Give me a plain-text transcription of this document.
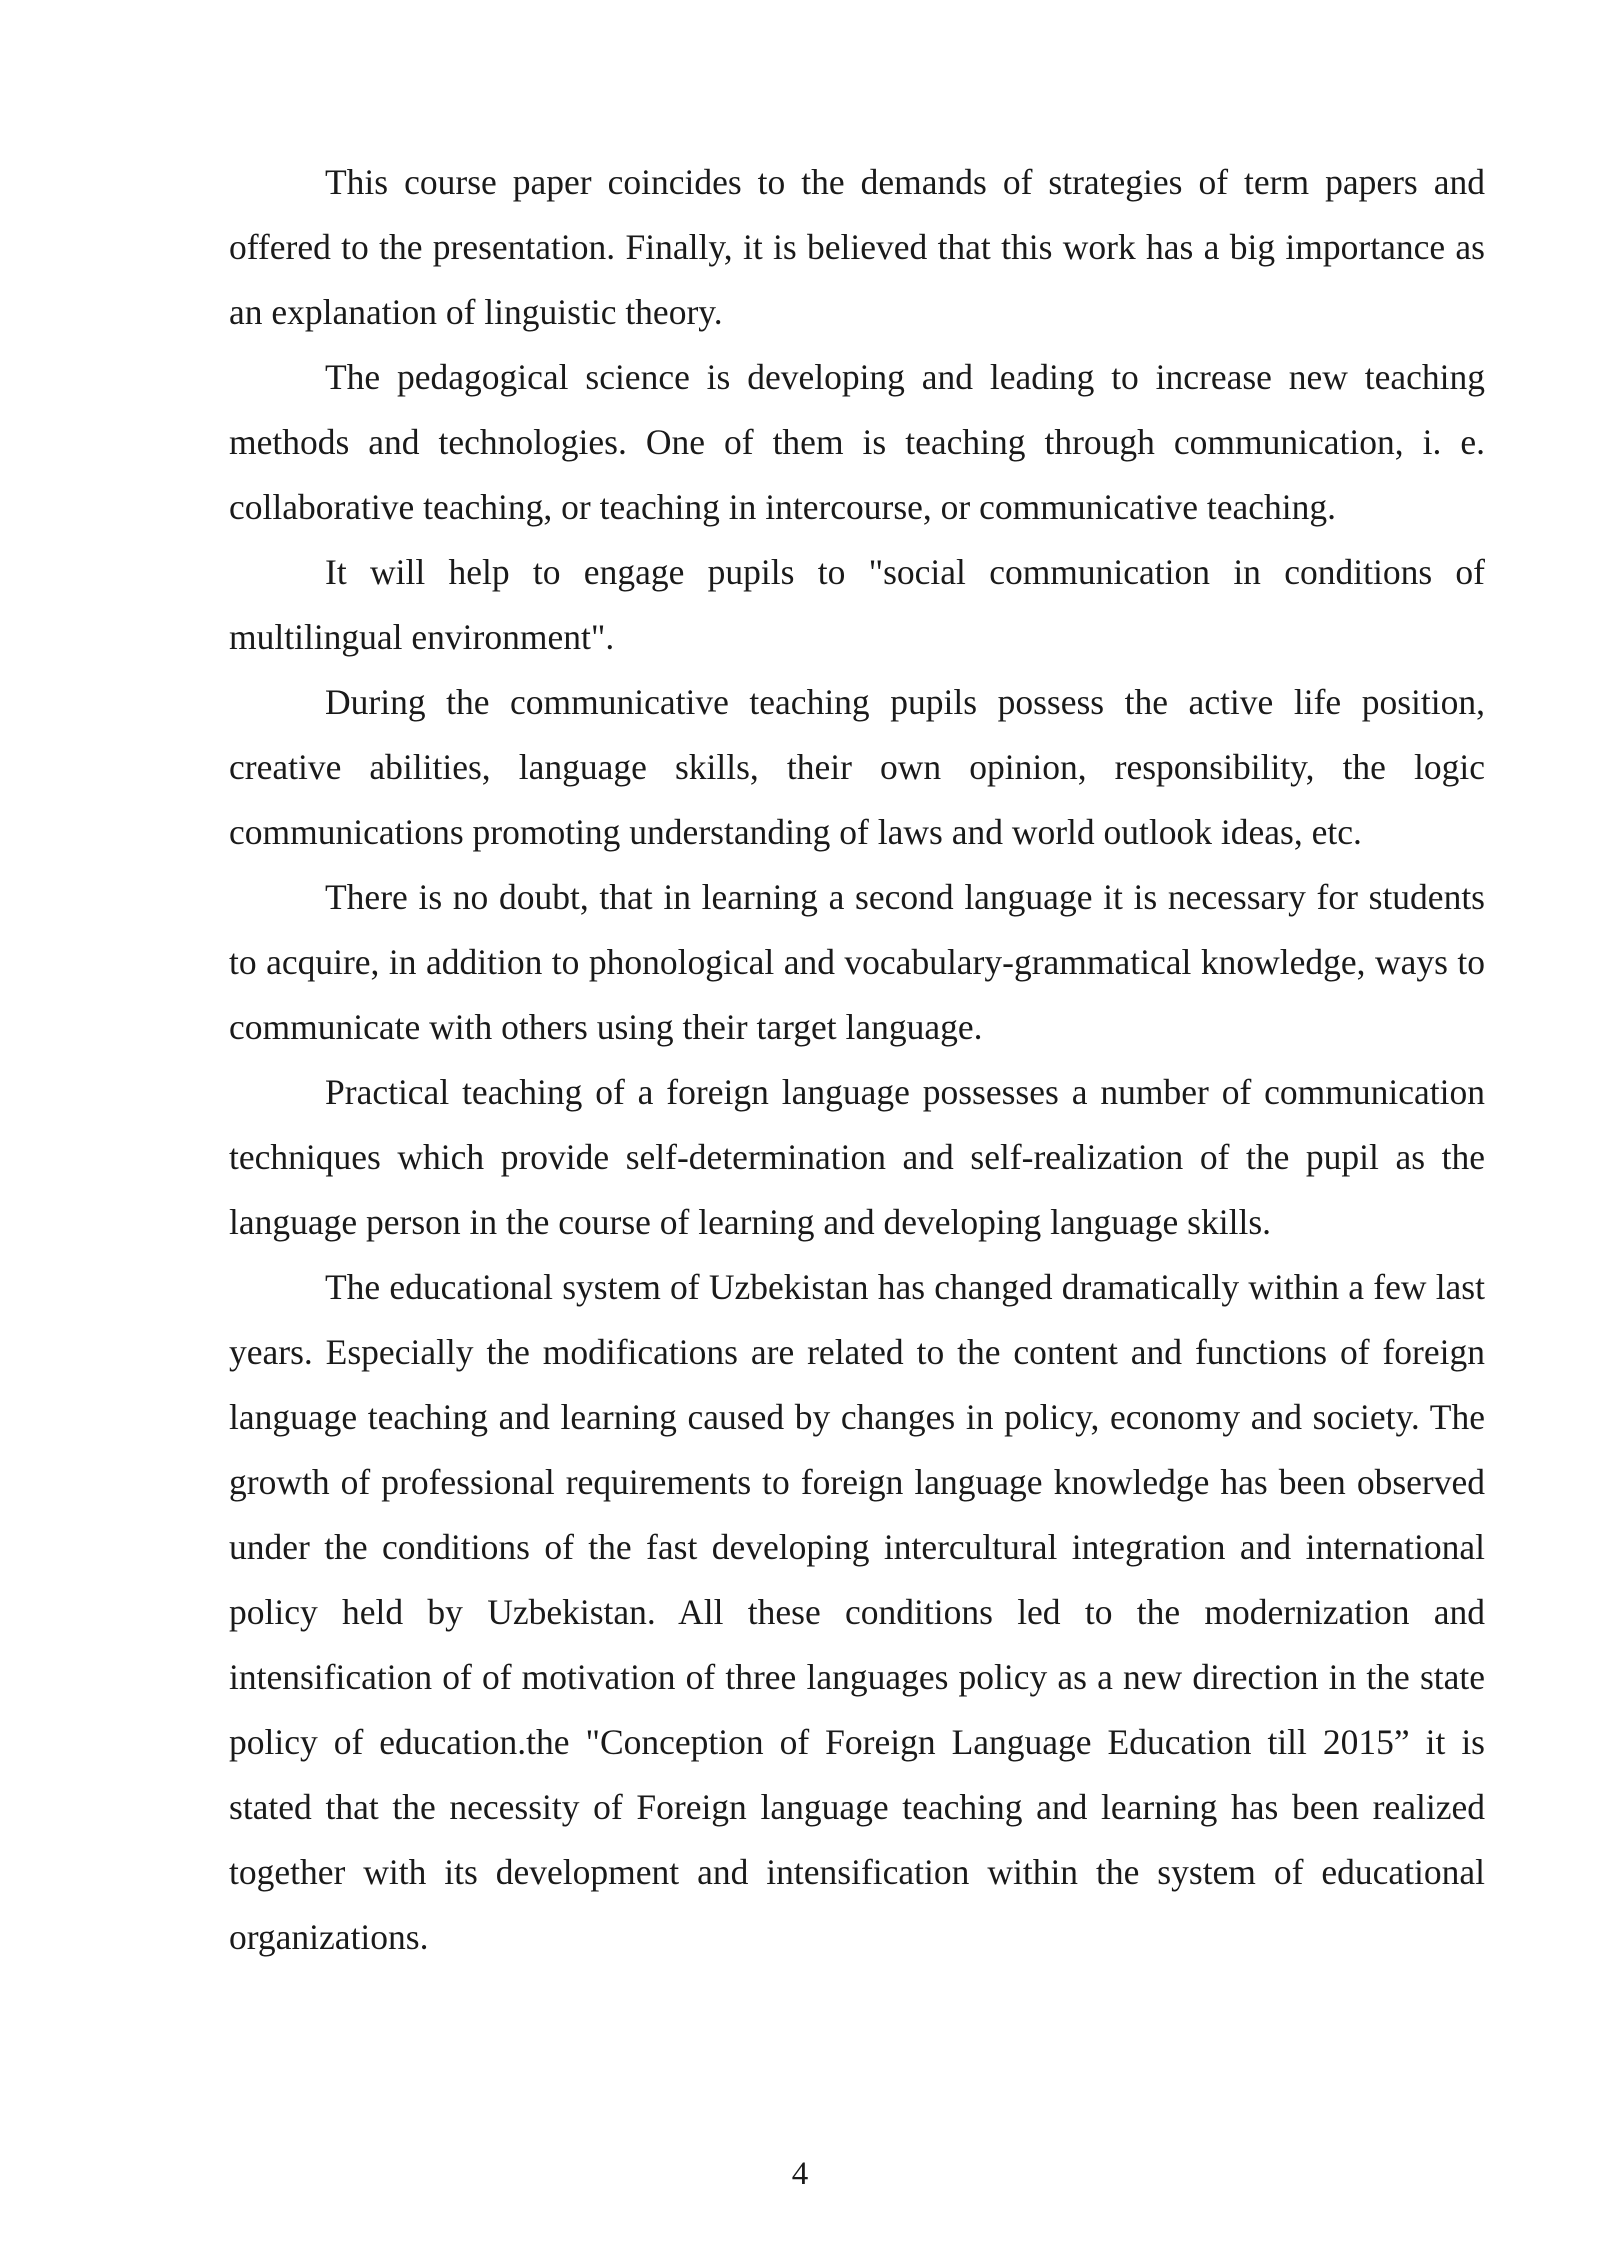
This course paper coincides to the demands of strategies of term papers and offered to the presentation. Finally, it is believed that this work has a big importance as an explanation of linguistic theory.

The pedagogical science is developing and leading to increase new teaching methods and technologies. One of them is teaching through communication, i. e. collaborative teaching, or teaching in intercourse, or communicative teaching.

It will help to engage pupils to "social communication in conditions of multilingual environment".

During the communicative teaching pupils possess the active life position, creative abilities, language skills, their own opinion, responsibility, the logic communications promoting understanding of laws and world outlook ideas, etc.

There is no doubt, that in learning a second language it is necessary for students to acquire, in addition to phonological and vocabulary-grammatical knowledge, ways to communicate with others using their target language.

Practical teaching of a foreign language possesses a number of communication techniques which provide self-determination and self-realization of the pupil as the language person in the course of learning and developing language skills.

The educational system of Uzbekistan has changed dramatically within a few last years. Especially the modifications are related to the content and functions of foreign language teaching and learning caused by changes in policy, economy and society. The growth of professional requirements to foreign language knowledge has been observed under the conditions of the fast developing intercultural integration and international policy held by Uzbekistan. All these conditions led to the modernization and intensification of of motivation of three languages policy as a new direction in the state policy of education.the "Conception of Foreign Language Education till 2015” it is stated that the necessity of Foreign language teaching and learning has been realized together with its development and intensification within the system of educational organizations.

4
